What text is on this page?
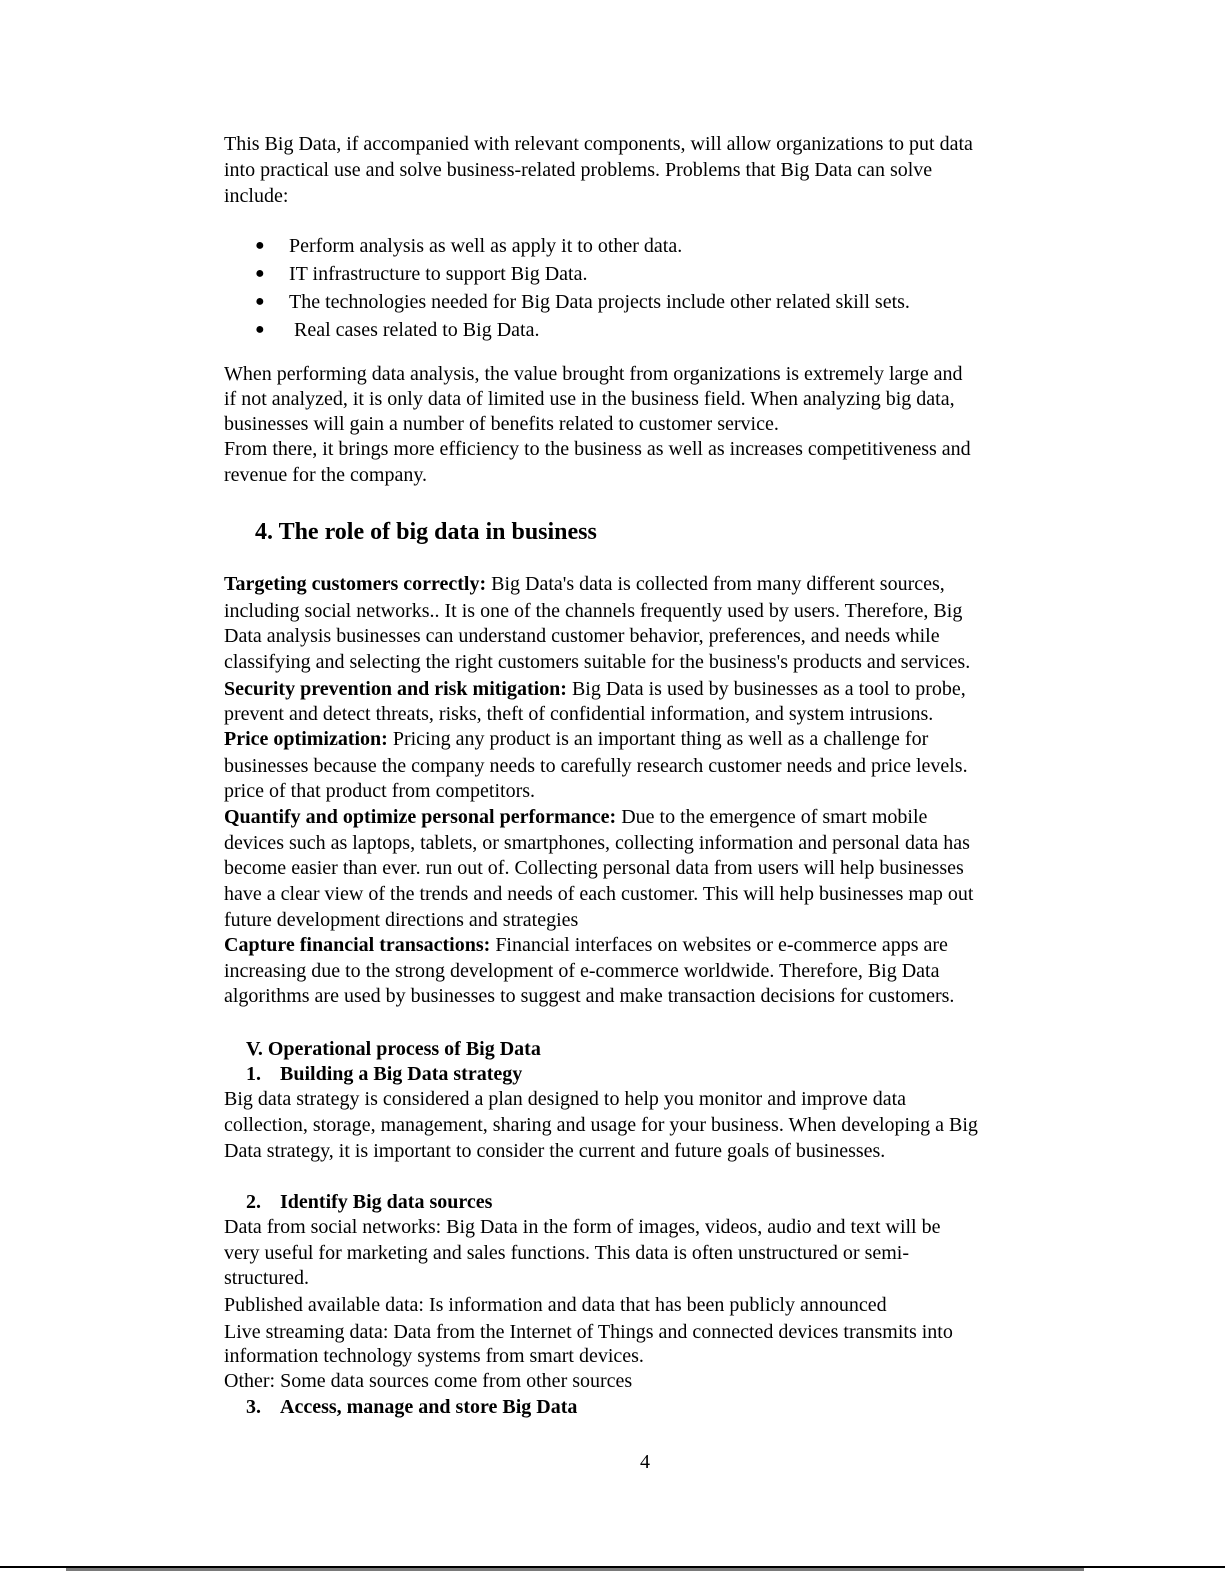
This Big Data, if accompanied with relevant components, will allow organizations to put data
into practical use and solve business-related problems. Problems that Big Data can solve
include:
● Perform analysis as well as apply it to other data.
● IT infrastructure to support Big Data.
● The technologies needed for Big Data projects include other related skill sets.
● Real cases related to Big Data.
When performing data analysis, the value brought from organizations is extremely large and
if not analyzed, it is only data of limited use in the business field. When analyzing big data,
businesses will gain a number of benefits related to customer service.
From there, it brings more efficiency to the business as well as increases competitiveness and
revenue for the company.
4. The role of big data in business
Targeting customers correctly: Big Data's data is collected from many different sources,
including social networks.. It is one of the channels frequently used by users. Therefore, Big
Data analysis businesses can understand customer behavior, preferences, and needs while
classifying and selecting the right customers suitable for the business's products and services.
Security prevention and risk mitigation: Big Data is used by businesses as a tool to probe,
prevent and detect threats, risks, theft of confidential information, and system intrusions.
Price optimization: Pricing any product is an important thing as well as a challenge for
businesses because the company needs to carefully research customer needs and price levels.
price of that product from competitors.
Quantify and optimize personal performance: Due to the emergence of smart mobile
devices such as laptops, tablets, or smartphones, collecting information and personal data has
become easier than ever. run out of. Collecting personal data from users will help businesses
have a clear view of the trends and needs of each customer. This will help businesses map out
future development directions and strategies
Capture financial transactions: Financial interfaces on websites or e-commerce apps are
increasing due to the strong development of e-commerce worldwide. Therefore, Big Data
algorithms are used by businesses to suggest and make transaction decisions for customers.
V. Operational process of Big Data
1. Building a Big Data strategy
Big data strategy is considered a plan designed to help you monitor and improve data
collection, storage, management, sharing and usage for your business. When developing a Big
Data strategy, it is important to consider the current and future goals of businesses.
2. Identify Big data sources
Data from social networks: Big Data in the form of images, videos, audio and text will be
very useful for marketing and sales functions. This data is often unstructured or semi-
structured.
Published available data: Is information and data that has been publicly announced
Live streaming data: Data from the Internet of Things and connected devices transmits into
information technology systems from smart devices.
Other: Some data sources come from other sources
3. Access, manage and store Big Data
4
